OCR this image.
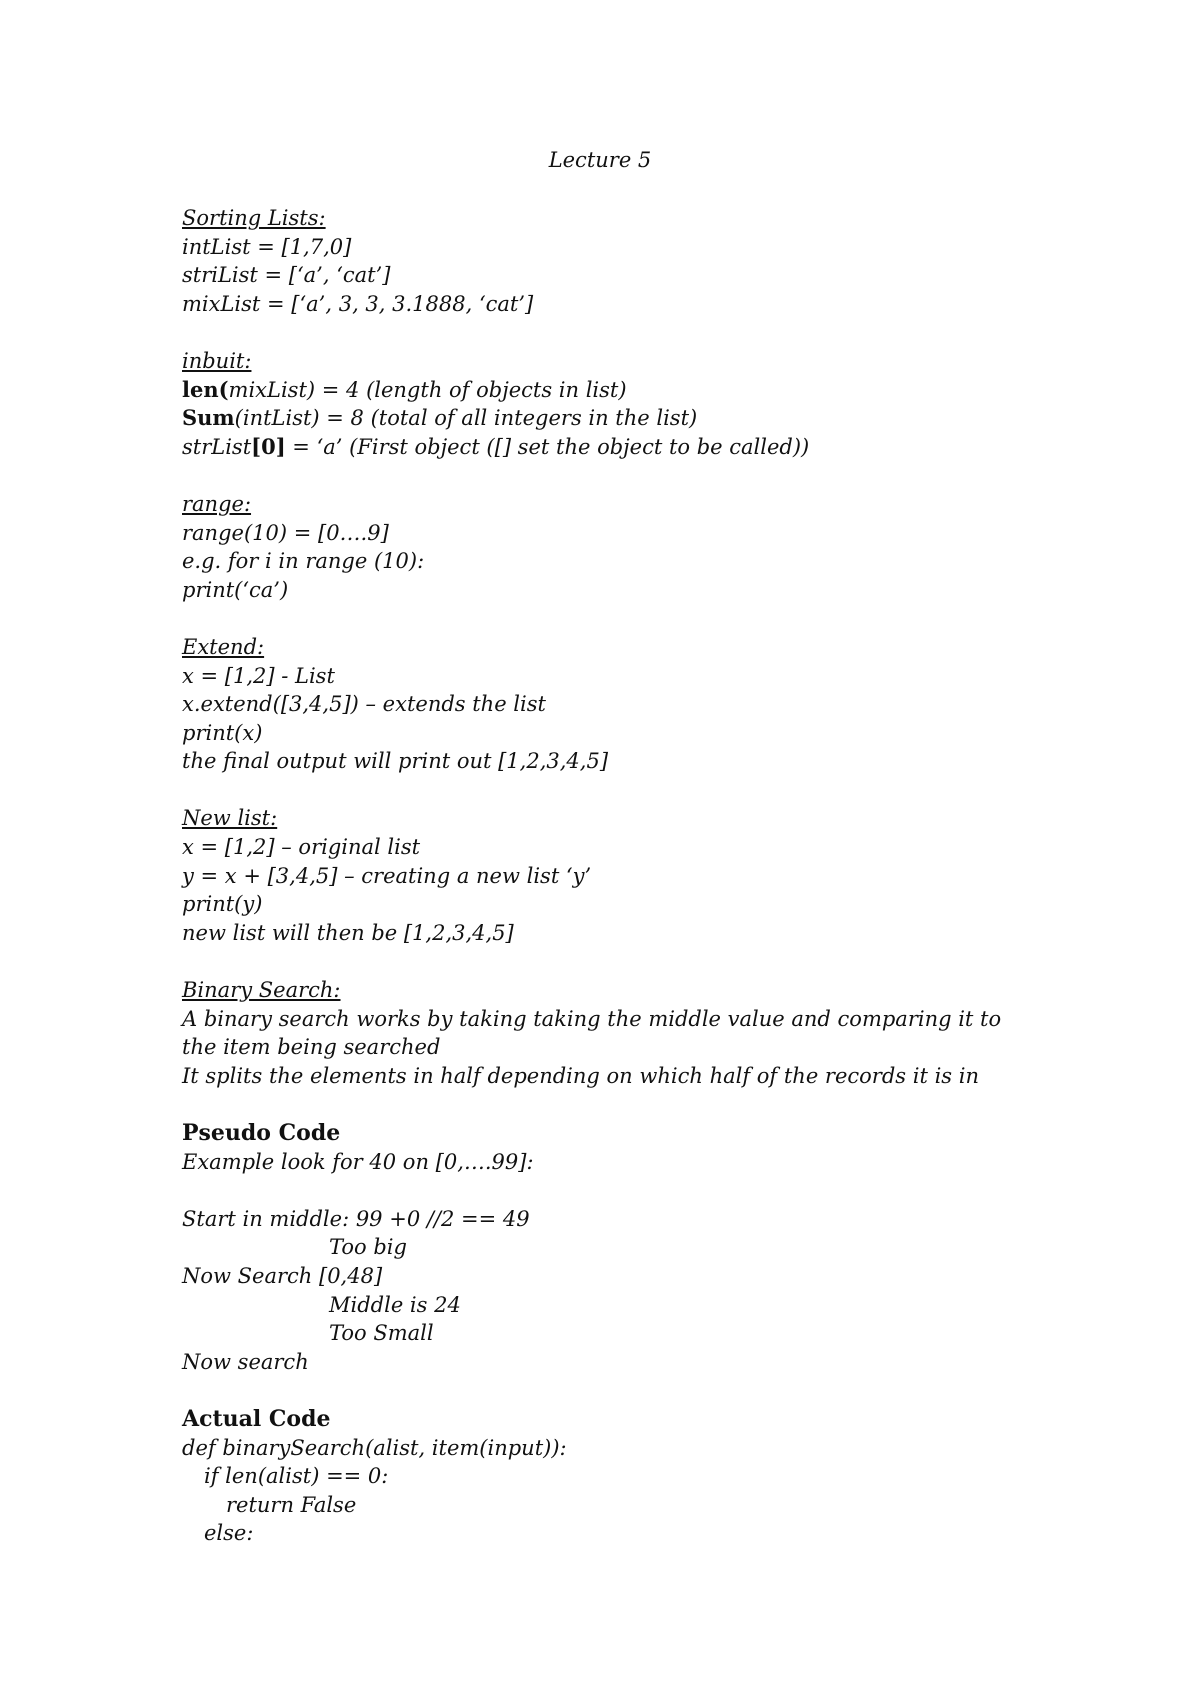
Lecture 5

Sorting Lists:
intList = [1,7,0]
striList = [‘a’, ‘cat’]
mixList = [‘a’, 3, 3, 3.1888, ‘cat’]
inbuit:
len(mixList) = 4 (length of objects in list)
Sum(intList) = 8 (total of all integers in the list)
strList[0] = ‘a’ (First object ([] set the object to be called))
range:
range(10) = [0….9]
e.g. for i in range (10):
print(‘ca’)
Extend:
x = [1,2] - List
x.extend([3,4,5]) – extends the list
print(x)
the final output will print out [1,2,3,4,5]
New list:
x = [1,2] – original list
y = x + [3,4,5] – creating a new list ‘y’
print(y)
new list will then be [1,2,3,4,5]
Binary Search:
A binary search works by taking taking the middle value and comparing it to the item being searched
It splits the elements in half depending on which half of the records it is in
Pseudo Code
Example look for 40 on [0,….99]:
Start in middle: 99 +0 //2 == 49
Too big
Now Search [0,48]
Middle is 24
Too Small
Now search
Actual Code
def binarySearch(alist, item(input)):
if len(alist) == 0:
return False
else:
